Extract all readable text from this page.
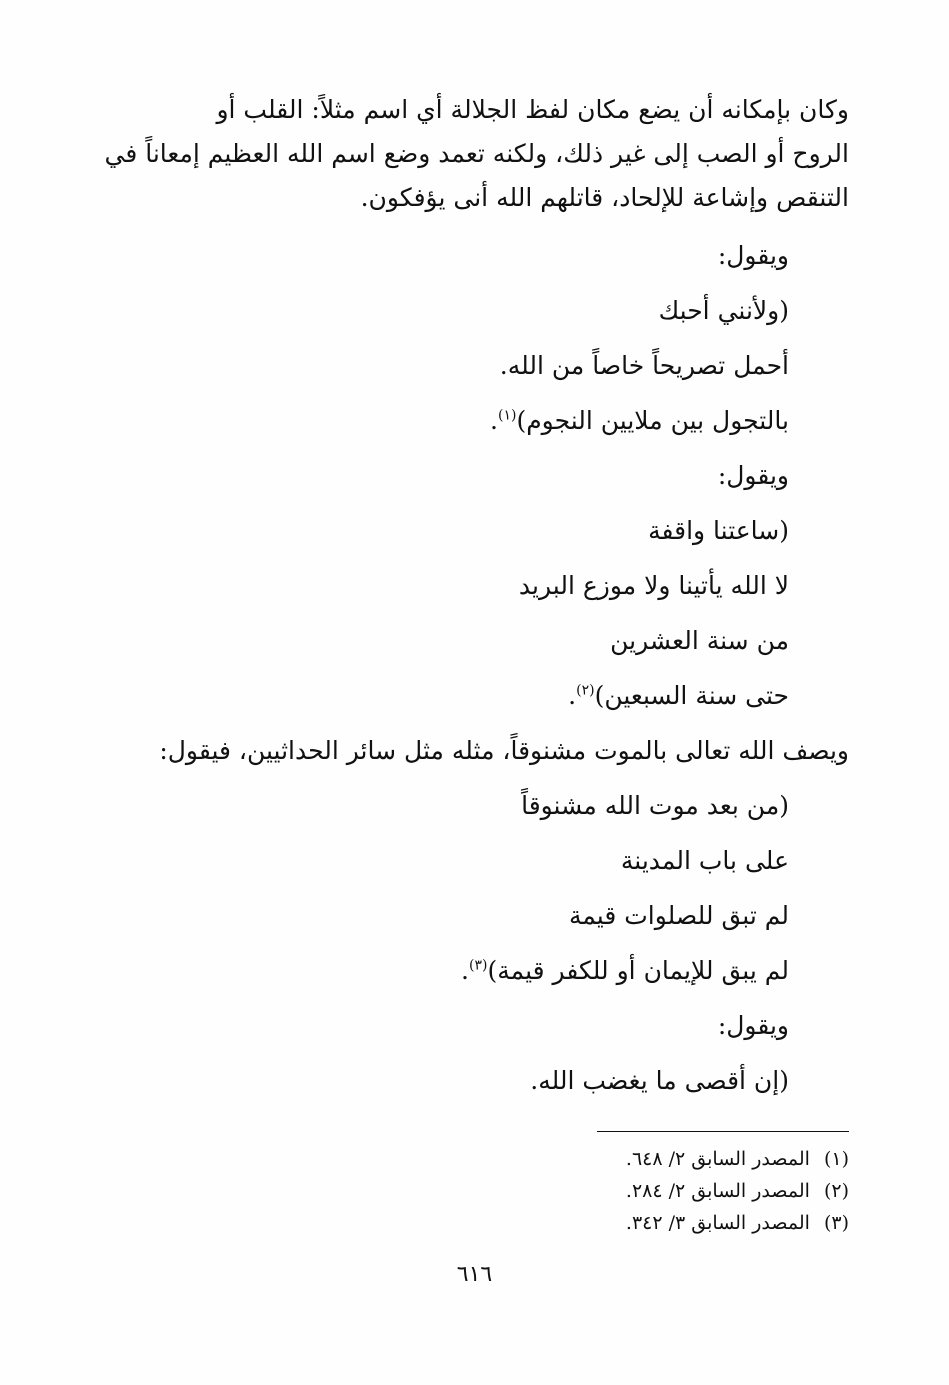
وكان بإمكانه أن يضع مكان لفظ الجلالة أي اسم مثلاً: القلب أو
الروح أو الصب إلى غير ذلك، ولكنه تعمد وضع اسم الله العظيم إمعاناً في
التنقص وإشاعة للإلحاد، قاتلهم الله أنى يؤفكون.
ويقول:
(ولأنني أحبك
أحمل تصريحاً خاصاً من الله.
بالتجول بين ملايين النجوم)$^{(١)}$.
ويقول:
(ساعتنا واقفة
لا الله يأتينا ولا موزع البريد
من سنة العشرين
حتى سنة السبعين)$^{(٢)}$.
ويصف الله تعالى بالموت مشنوقاً، مثله مثل سائر الحداثيين، فيقول:
(من بعد موت الله مشنوقاً
على باب المدينة
لم تبق للصلوات قيمة
لم يبق للإيمان أو للكفر قيمة)$^{(٣)}$.
ويقول:
(إن أقصى ما يغضب الله.
(١)المصدر السابق ٢/ ٦٤٨.
(٢)المصدر السابق ٢/ ٢٨٤.
(٣)المصدر السابق ٣/ ٣٤٢.
٦١٦
